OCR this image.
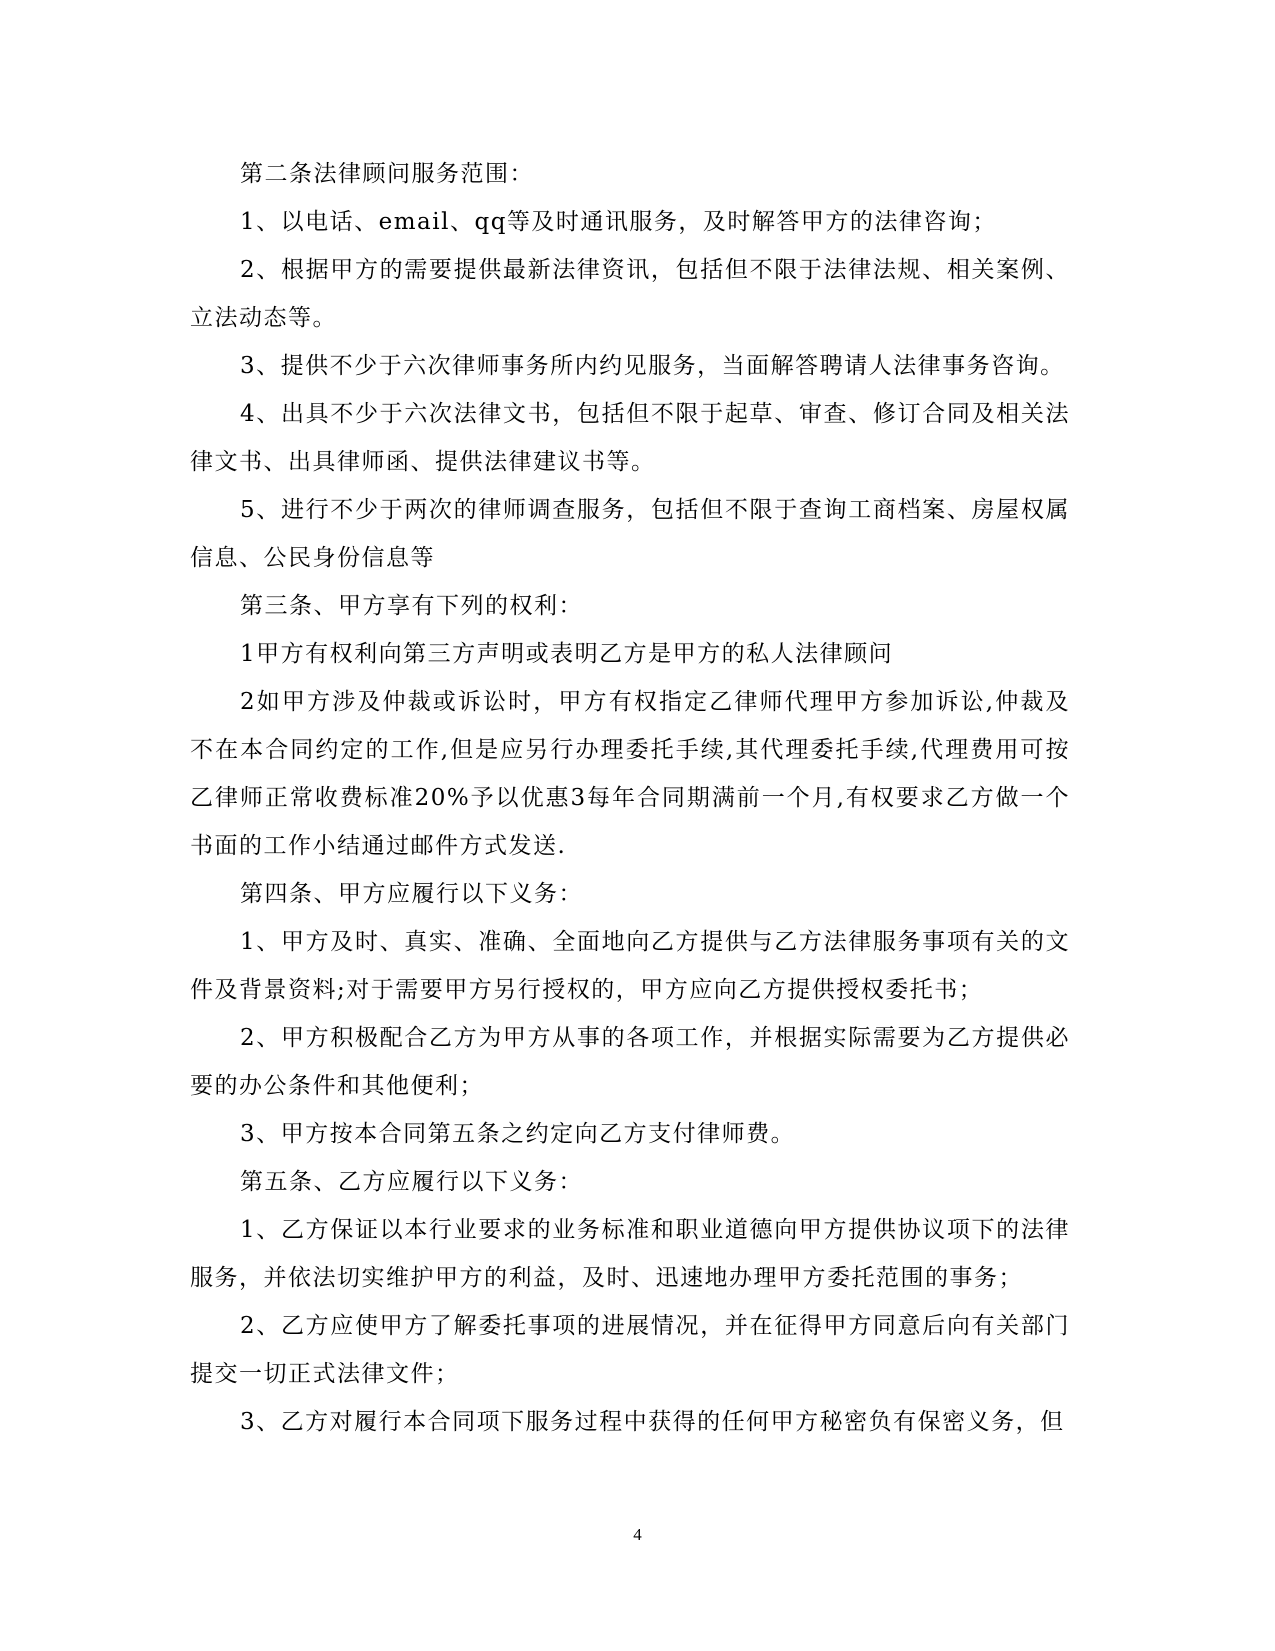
第二条法律顾问服务范围：

1、以电话、email、qq等及时通讯服务，及时解答甲方的法律咨询；

2、根据甲方的需要提供最新法律资讯，包括但不限于法律法规、相关案例、立法动态等。

3、提供不少于六次律师事务所内约见服务，当面解答聘请人法律事务咨询。

4、出具不少于六次法律文书，包括但不限于起草、审查、修订合同及相关法律文书、出具律师函、提供法律建议书等。

5、进行不少于两次的律师调查服务，包括但不限于查询工商档案、房屋权属信息、公民身份信息等

第三条、甲方享有下列的权利：

1甲方有权利向第三方声明或表明乙方是甲方的私人法律顾问

2如甲方涉及仲裁或诉讼时，甲方有权指定乙律师代理甲方参加诉讼,仲裁及不在本合同约定的工作,但是应另行办理委托手续,其代理委托手续,代理费用可按乙律师正常收费标准20%予以优惠3每年合同期满前一个月,有权要求乙方做一个书面的工作小结通过邮件方式发送.

第四条、甲方应履行以下义务：

1、甲方及时、真实、准确、全面地向乙方提供与乙方法律服务事项有关的文件及背景资料;对于需要甲方另行授权的，甲方应向乙方提供授权委托书；

2、甲方积极配合乙方为甲方从事的各项工作，并根据实际需要为乙方提供必要的办公条件和其他便利；

3、甲方按本合同第五条之约定向乙方支付律师费。

第五条、乙方应履行以下义务：

1、乙方保证以本行业要求的业务标准和职业道德向甲方提供协议项下的法律服务，并依法切实维护甲方的利益，及时、迅速地办理甲方委托范围的事务；

2、乙方应使甲方了解委托事项的进展情况，并在征得甲方同意后向有关部门提交一切正式法律文件；

3、乙方对履行本合同项下服务过程中获得的任何甲方秘密负有保密义务，但

4
